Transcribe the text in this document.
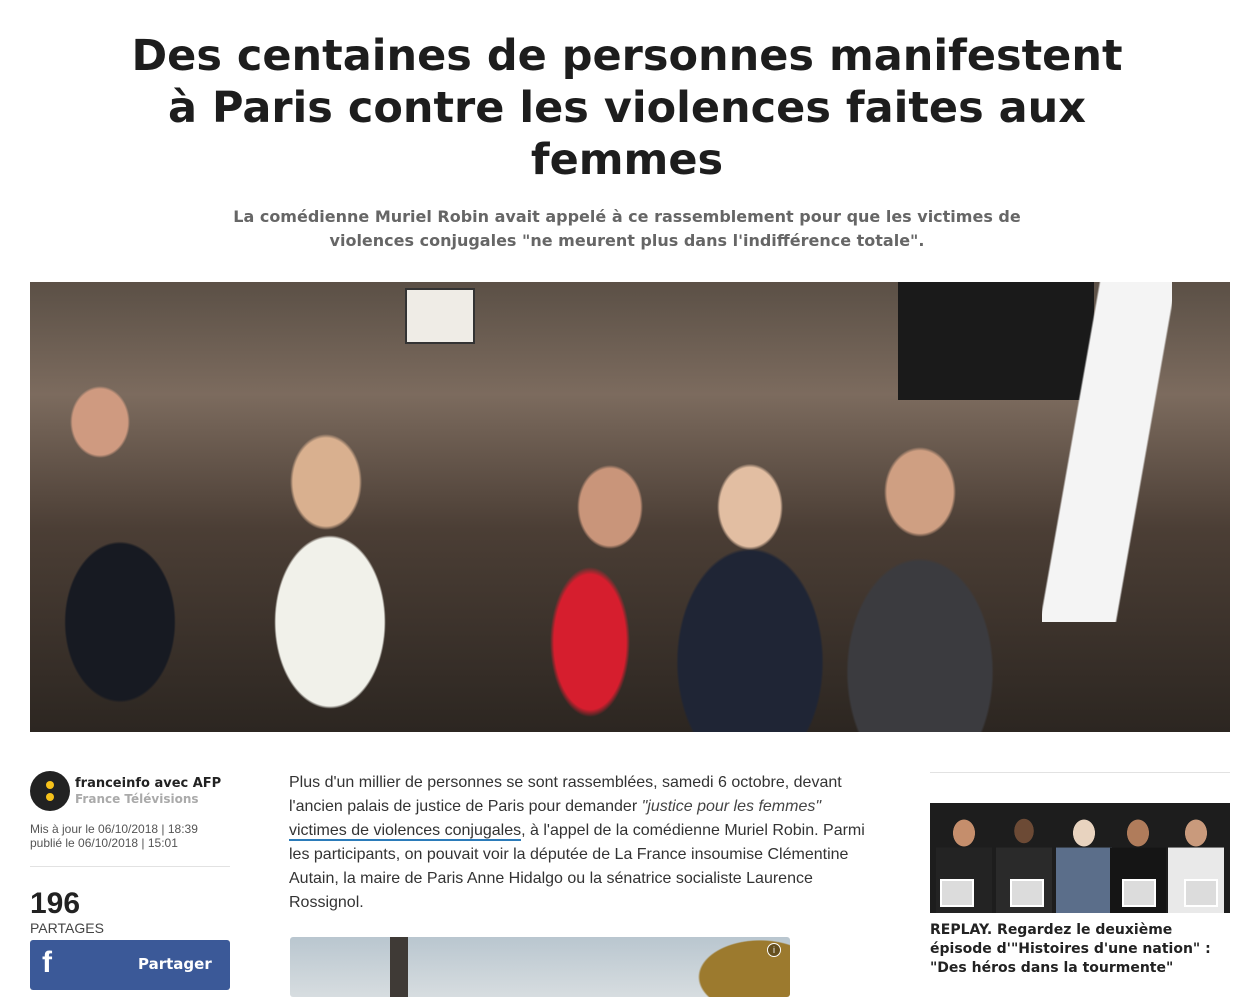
Des centaines de personnes manifestent à Paris contre les violences faites aux femmes

La comédienne Muriel Robin avait appelé à ce rassemblement pour que les victimes de violences conjugales "ne meurent plus dans l'indifférence totale".

franceinfo avec AFP
France Télévisions
Mis à jour le 06/10/2018 | 18:39
publié le 06/10/2018 | 15:01
196
PARTAGES
f	Partager

Plus d'un millier de personnes se sont rassemblées, samedi 6 octobre, devant l'ancien palais de justice de Paris pour demander "justice pour les femmes" victimes de violences conjugales, à l'appel de la comédienne Muriel Robin. Parmi les participants, on pouvait voir la députée de La France insoumise Clémentine Autain, la maire de Paris Anne Hidalgo ou la sénatrice socialiste Laurence Rossignol.

i
REPLAY. Regardez le deuxième épisode d'"Histoires d'une nation" : "Des héros dans la tourmente"
